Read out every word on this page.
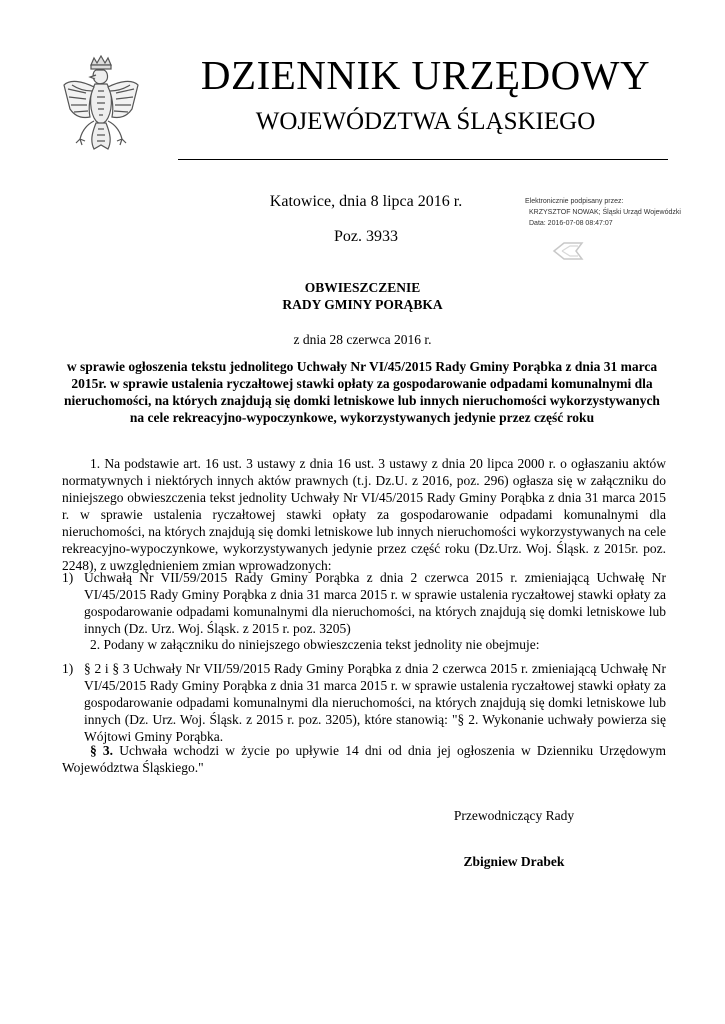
DZIENNIK URZĘDOWY
WOJEWÓDZTWA ŚLĄSKIEGO
Katowice, dnia 8 lipca 2016 r.
Poz. 3933
Elektronicznie podpisany przez:
KRZYSZTOF NOWAK; Śląski Urząd Wojewódzki
Data: 2016-07-08 08:47:07
OBWIESZCZENIE
RADY GMINY PORĄBKA
z dnia 28 czerwca 2016 r.
w sprawie ogłoszenia tekstu jednolitego Uchwały Nr VI/45/2015 Rady Gminy Porąbka z dnia 31 marca 2015r. w sprawie ustalenia ryczałtowej stawki opłaty za gospodarowanie odpadami komunalnymi dla nieruchomości, na których znajdują się domki letniskowe lub innych nieruchomości wykorzystywanych na cele rekreacyjno-wypoczynkowe, wykorzystywanych jedynie przez część roku
1. Na podstawie art. 16 ust. 3 ustawy z dnia 16 ust. 3 ustawy z dnia 20 lipca 2000 r. o ogłaszaniu aktów normatywnych i niektórych innych aktów prawnych (t.j. Dz.U. z 2016, poz. 296) ogłasza się w załączniku do niniejszego obwieszczenia tekst jednolity Uchwały Nr VI/45/2015 Rady Gminy Porąbka z dnia 31 marca 2015 r. w sprawie ustalenia ryczałtowej stawki opłaty za gospodarowanie odpadami komunalnymi dla nieruchomości, na których znajdują się domki letniskowe lub innych nieruchomości wykorzystywanych na cele rekreacyjno-wypoczynkowe, wykorzystywanych jedynie przez część roku (Dz.Urz. Woj. Śląsk. z 2015r. poz. 2248), z uwzględnieniem zmian wprowadzonych:
1) Uchwałą Nr VII/59/2015 Rady Gminy Porąbka z dnia 2 czerwca 2015 r. zmieniającą Uchwałę Nr VI/45/2015 Rady Gminy Porąbka z dnia 31 marca 2015 r. w sprawie ustalenia ryczałtowej stawki opłaty za gospodarowanie odpadami komunalnymi dla nieruchomości, na których znajdują się domki letniskowe lub innych (Dz. Urz. Woj. Śląsk. z 2015 r. poz. 3205)
2. Podany w załączniku do niniejszego obwieszczenia tekst jednolity nie obejmuje:
1) § 2 i § 3 Uchwały Nr VII/59/2015 Rady Gminy Porąbka z dnia 2 czerwca 2015 r. zmieniającą Uchwałę Nr VI/45/2015 Rady Gminy Porąbka z dnia 31 marca 2015 r. w sprawie ustalenia ryczałtowej stawki opłaty za gospodarowanie odpadami komunalnymi dla nieruchomości, na których znajdują się domki letniskowe lub innych (Dz. Urz. Woj. Śląsk. z 2015 r. poz. 3205), które stanowią: "§ 2. Wykonanie uchwały powierza się Wójtowi Gminy Porąbka.
§ 3. Uchwała wchodzi w życie po upływie 14 dni od dnia jej ogłoszenia w Dzienniku Urzędowym Województwa Śląskiego."
Przewodniczący Rady
Zbigniew Drabek
